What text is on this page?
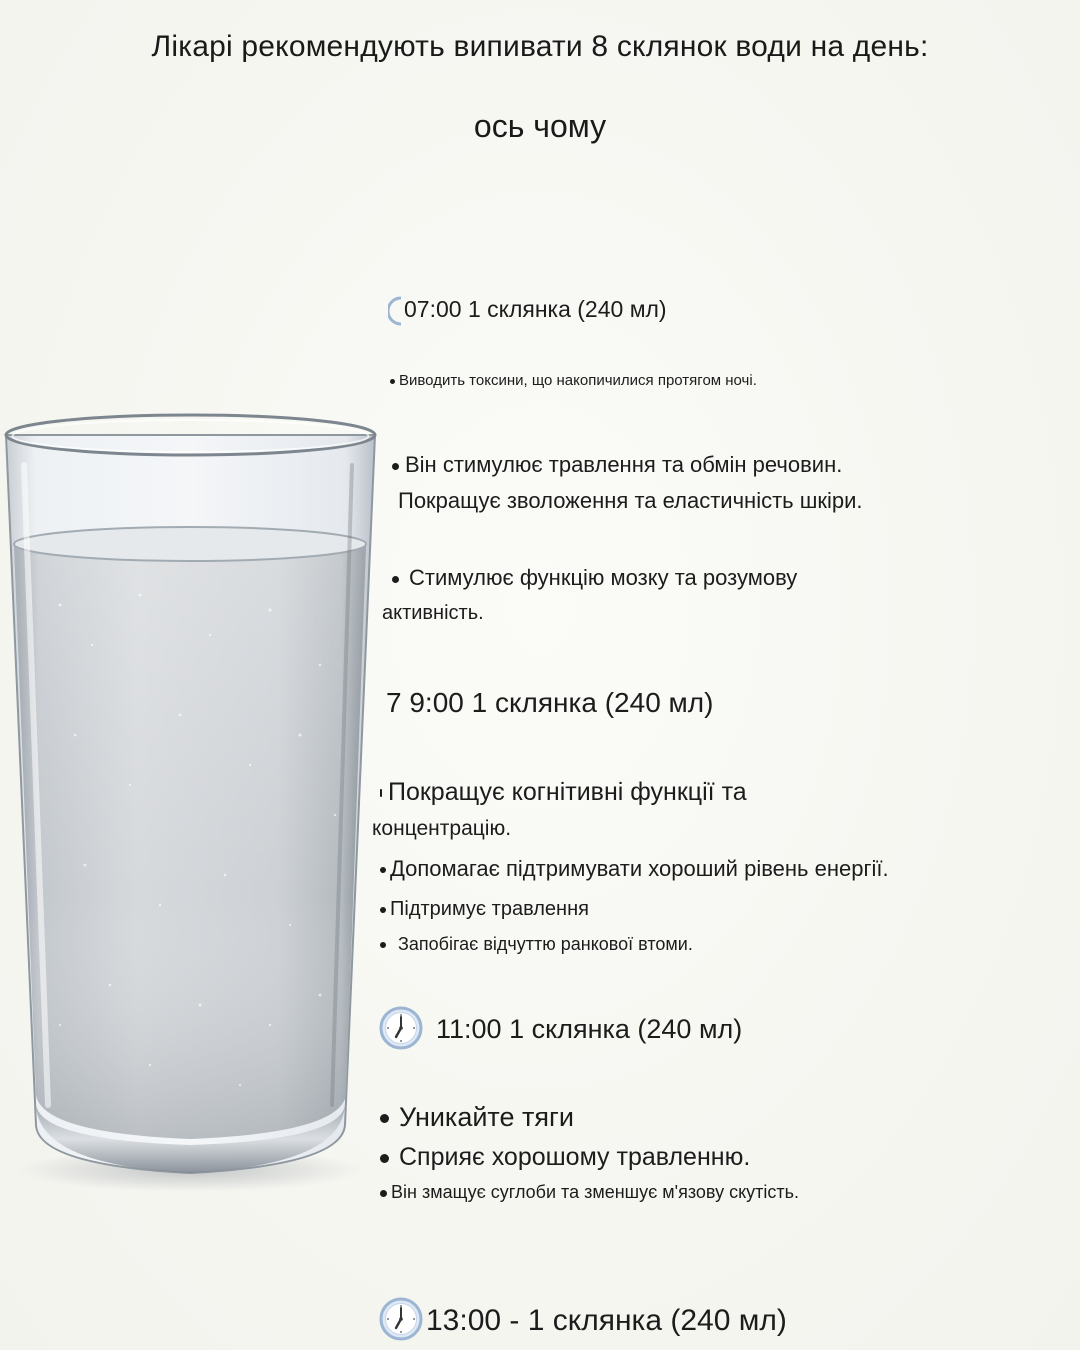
Лікарі рекомендують випивати 8 склянок води на день:
ось чому
07:00 1 склянка (240 мл)
Виводить токсини, що накопичилися протягом ночі.
Він стимулює травлення та обмін речовин.
Покращує зволоження та еластичність шкіри.
Стимулює функцію мозку та розумову
активність.
7 9:00 1 склянка (240 мл)
Покращує когнітивні функції та
концентрацію.
Допомагає підтримувати хороший рівень енергії.
Підтримує травлення
Запобігає відчуттю ранкової втоми.
11:00 1 склянка (240 мл)
Уникайте тяги
Сприяє хорошому травленню.
Він змащує суглоби та зменшує м'язову скутість.
13:00 - 1 склянка (240 мл)
